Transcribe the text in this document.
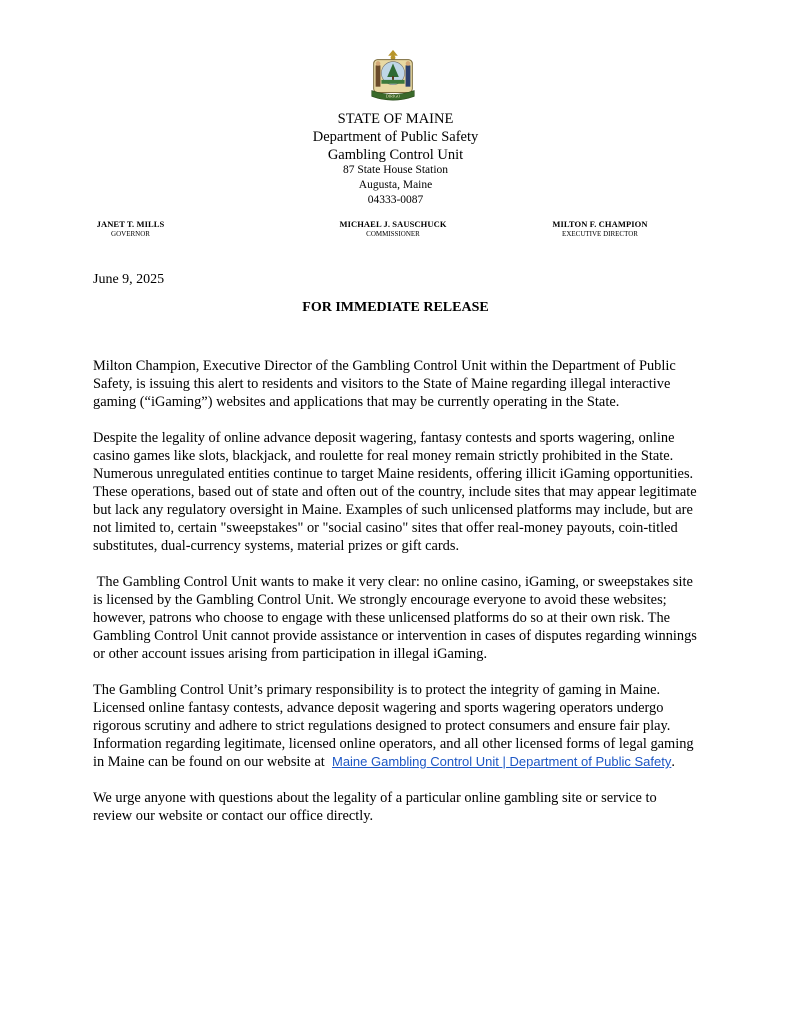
DIRIGO
STATE OF MAINE
Department of Public Safety
Gambling Control Unit
87 State House Station
Augusta, Maine
04333-0087
JANET T. MILLS
GOVERNOR
MICHAEL J. SAUSCHUCK
COMMISSIONER
MILTON F. CHAMPION
EXECUTIVE DIRECTOR
June 9, 2025
FOR IMMEDIATE RELEASE

Milton Champion, Executive Director of the Gambling Control Unit within the Department of Public Safety, is issuing this alert to residents and visitors to the State of Maine regarding illegal interactive gaming (“iGaming”) websites and applications that may be currently operating in the State.

Despite the legality of online advance deposit wagering, fantasy contests and sports wagering, online casino games like slots, blackjack, and roulette for real money remain strictly prohibited in the State. Numerous unregulated entities continue to target Maine residents, offering illicit iGaming opportunities. These operations, based out of state and often out of the country, include sites that may appear legitimate but lack any regulatory oversight in Maine. Examples of such unlicensed platforms may include, but are not limited to, certain "sweepstakes" or "social casino" sites that offer real-money payouts, coin-titled substitutes, dual-currency systems, material prizes or gift cards.

The Gambling Control Unit wants to make it very clear: no online casino, iGaming, or sweepstakes site is licensed by the Gambling Control Unit. We strongly encourage everyone to avoid these websites; however, patrons who choose to engage with these unlicensed platforms do so at their own risk. The Gambling Control Unit cannot provide assistance or intervention in cases of disputes regarding winnings or other account issues arising from participation in illegal iGaming.

The Gambling Control Unit’s primary responsibility is to protect the integrity of gaming in Maine. Licensed online fantasy contests, advance deposit wagering and sports wagering operators undergo rigorous scrutiny and adhere to strict regulations designed to protect consumers and ensure fair play. Information regarding legitimate, licensed online operators, and all other licensed forms of legal gaming in Maine can be found on our website at  Maine Gambling Control Unit | Department of Public Safety.

We urge anyone with questions about the legality of a particular online gambling site or service to review our website or contact our office directly.
